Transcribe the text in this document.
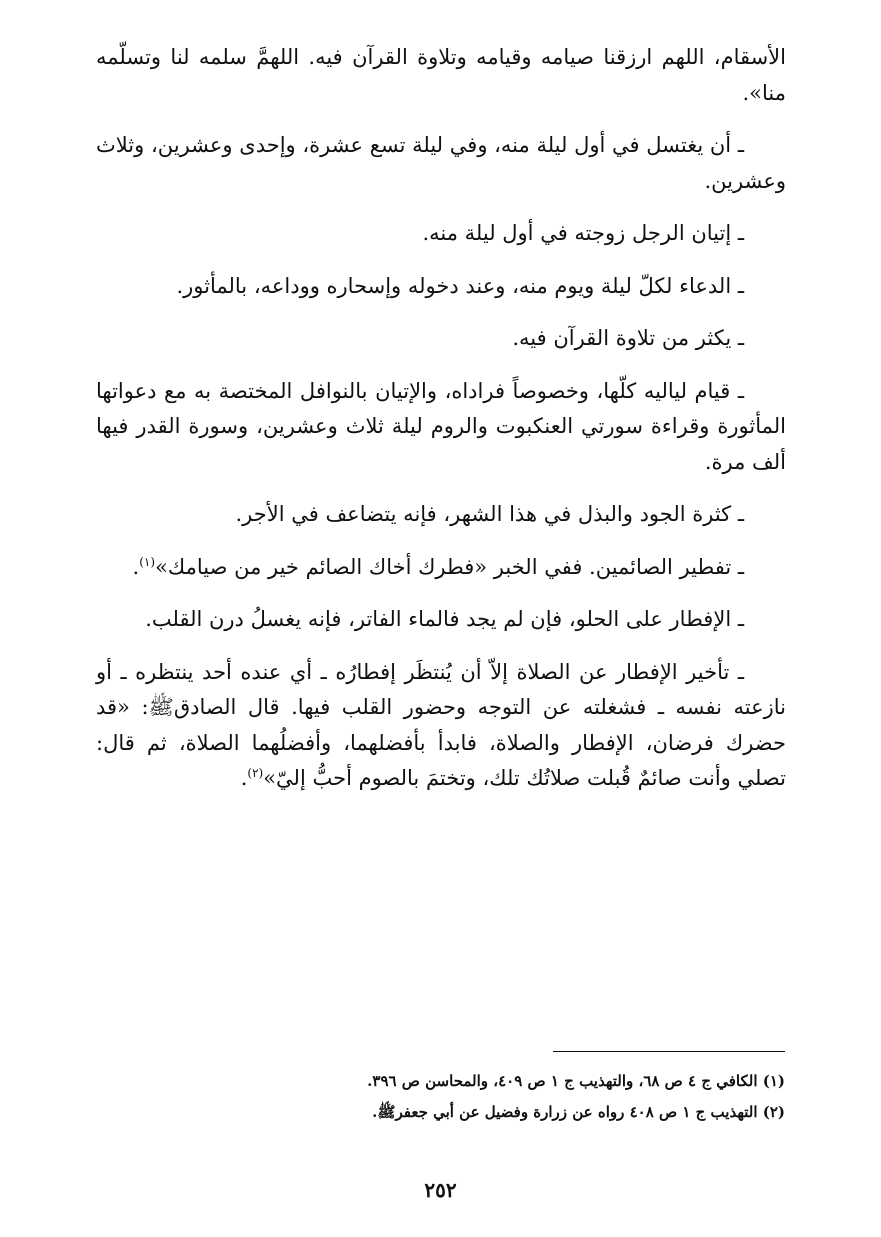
الأسقام، اللهم ارزقنا صيامه وقيامه وتلاوة القرآن فيه. اللهمَّ سلمه لنا وتسلّمه منا».

ـ أن يغتسل في أول ليلة منه، وفي ليلة تسع عشرة، وإحدى وعشرين، وثلاث وعشرين.

ـ إتيان الرجل زوجته في أول ليلة منه.

ـ الدعاء لكلّ ليلة ويوم منه، وعند دخوله وإسحاره ووداعه، بالمأثور.

ـ يكثر من تلاوة القرآن فيه.

ـ قيام لياليه كلّها، وخصوصاً فراداه، والإتيان بالنوافل المختصة به مع دعواتها المأثورة وقراءة سورتي العنكبوت والروم ليلة ثلاث وعشرين، وسورة القدر فيها ألف مرة.

ـ كثرة الجود والبذل في هذا الشهر، فإنه يتضاعف في الأجر.

ـ تفطير الصائمين. ففي الخبر «فطرك أخاك الصائم خير من صيامك»$^{(١)}$.

ـ الإفطار على الحلو، فإن لم يجد فالماء الفاتر، فإنه يغسلُ درن القلب.

ـ تأخير الإفطار عن الصلاة إلاّ أن يُنتظَر إفطارُه ـ أي عنده أحد ينتظره ـ أو نازعته نفسه ـ فشغلته عن التوجه وحضور القلب فيها. قال الصادقﷺ: «قد حضرك فرضان، الإفطار والصلاة، فابدأ بأفضلهما، وأفضلُهما الصلاة، ثم قال: تصلي وأنت صائمٌ قُبلت صلاتُك تلك، وتختمَ بالصوم أحبُّ إليّ»$^{(٢)}$.

(١) الكافي ج ٤ ص ٦٨، والتهذيب ج ١ ص ٤٠٩، والمحاسن ص ٣٩٦.
(٢) التهذيب ج ١ ص ٤٠٨ رواه عن زرارة وفضيل عن أبي جعفرﷺ.
٢٥٢
